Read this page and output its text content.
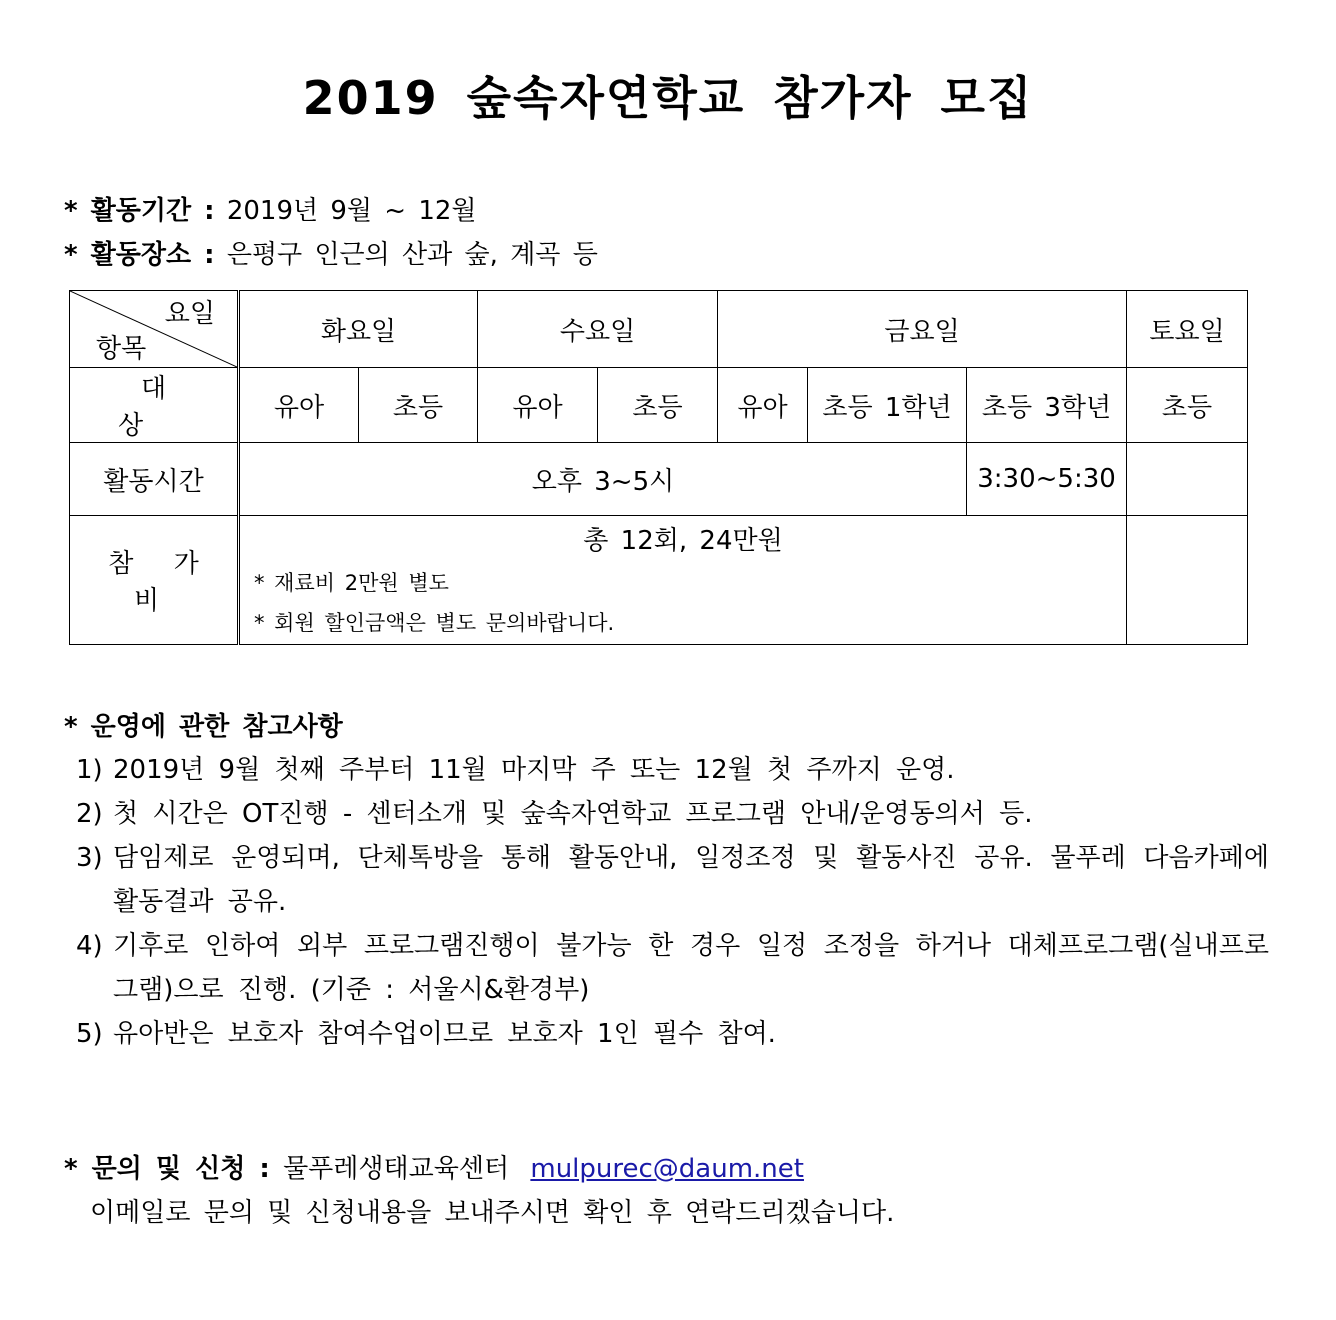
2019 숲속자연학교 참가자 모집
* 활동기간 : 2019년 9월 ~ 12월
* 활동장소 : 은평구 인근의 산과 숲, 계곡 등
요일
항목	화요일		수요일		금요일			토요일
대 상	유아	초등	유아	초등	유아	초등 1학년	초등 3학년	초등
활동시간	오후 3~5시						3:30~5:30	
참 가 비	총 12회, 24만원
* 재료비 2만원 별도
* 회원 할인금액은 별도 문의바랍니다.							

* 운영에 관한 참고사항
1) 2019년 9월 첫째 주부터 11월 마지막 주 또는 12월 첫 주까지 운영.
2) 첫 시간은 OT진행 - 센터소개 및 숲속자연학교 프로그램 안내/운영동의서 등.
3) 담임제로 운영되며, 단체톡방을 통해 활동안내, 일정조정 및 활동사진 공유. 물푸레 다음카페에 활동결과 공유.
4) 기후로 인하여 외부 프로그램진행이 불가능 한 경우 일정 조정을 하거나 대체프로그램(실내프로그램)으로 진행. (기준 : 서울시&환경부)
5) 유아반은 보호자 참여수업이므로 보호자 1인 필수 참여.
* 문의 및 신청 : 물푸레생태교육센터 mulpurec@daum.net
이메일로 문의 및 신청내용을 보내주시면 확인 후 연락드리겠습니다.
